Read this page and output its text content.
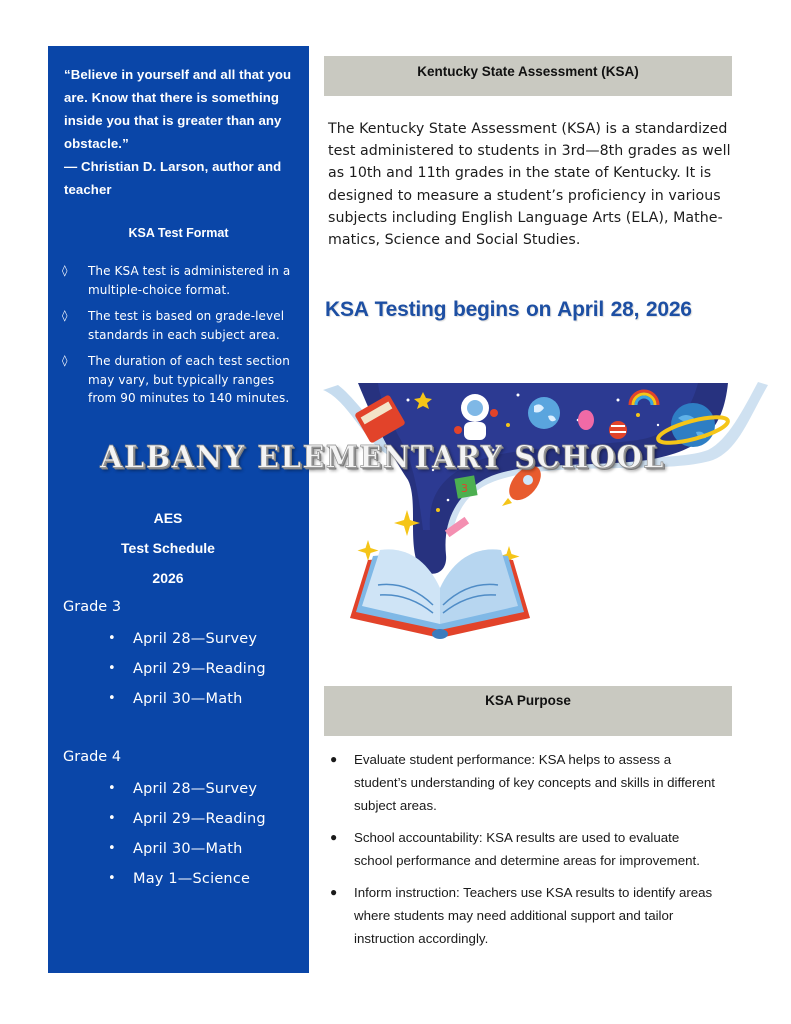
“Believe in yourself and all that you are. Know that there is something inside you that is greater than any obstacle.”
— Christian D. Larson, author and teacher
KSA Test Format
◊ The KSA test is administered in a multiple-choice format.
◊ The test is based on grade-level standards in each subject area.
◊ The duration of each test section may vary, but typically ranges from 90 minutes to 140 minutes.
AES
Test Schedule
2026
Grade 3
• April 28—Survey
• April 29—Reading
• April 30—Math
Grade 4
• April 28—Survey
• April 29—Reading
• April 30—Math
• May 1—Science
Kentucky State Assessment (KSA)
The Kentucky State Assessment (KSA) is a standardized test administered to students in 3rd—8th grades as well as 10th and 11th grades in the state of Kentucky. It is designed to measure a student’s proficiency in various subjects including English Language Arts (ELA), Mathe-matics, Science and Social Studies.
KSA Testing begins on April 28, 2026
3
ALBANY ELEMENTARY SCHOOL
KSA Purpose
● Evaluate student performance: KSA helps to assess a student’s understanding of key concepts and skills in different subject areas.
● School accountability: KSA results are used to evaluate school performance and determine areas for improvement.
● Inform instruction: Teachers use KSA results to identify areas where students may need additional support and tailor instruction accordingly.
